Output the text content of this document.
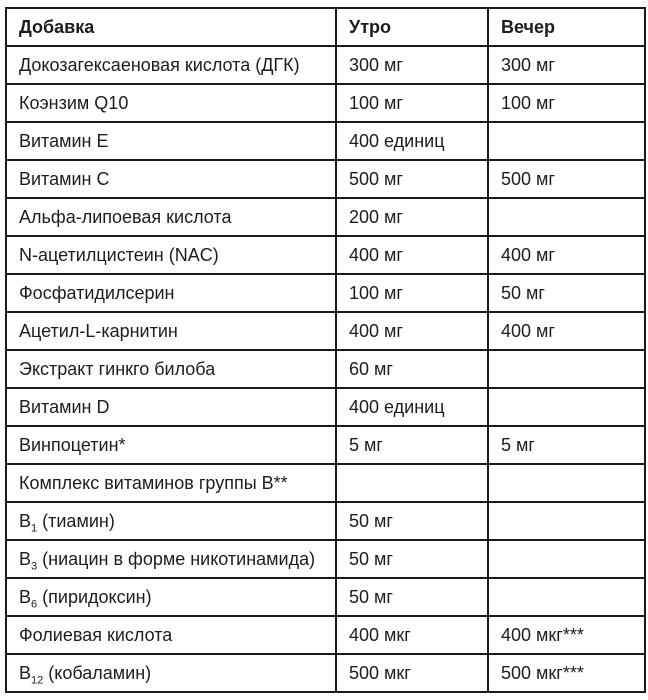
Добавка	Утро	Вечер
Докозагексаеновая кислота (ДГК)	300 мг	300 мг
Коэнзим Q10	100 мг	100 мг
Витамин E	400 единиц	
Витамин C	500 мг	500 мг
Альфа-липоевая кислота	200 мг	
N-ацетилцистеин (NAC)	400 мг	400 мг
Фосфатидилсерин	100 мг	50 мг
Ацетил-L-карнитин	400 мг	400 мг
Экстракт гинкго билоба	60 мг	
Витамин D	400 единиц	
Винпоцетин*	5 мг	5 мг
Комплекс витаминов группы B**		
$B_1$ (тиамин)	50 мг	
$B_3$ (ниацин в форме никотинамида)	50 мг	
$B_6$ (пиридоксин)	50 мг	
Фолиевая кислота	400 мкг	400 мкг***
$B_{12}$ (кобаламин)	500 мкг	500 мкг***
